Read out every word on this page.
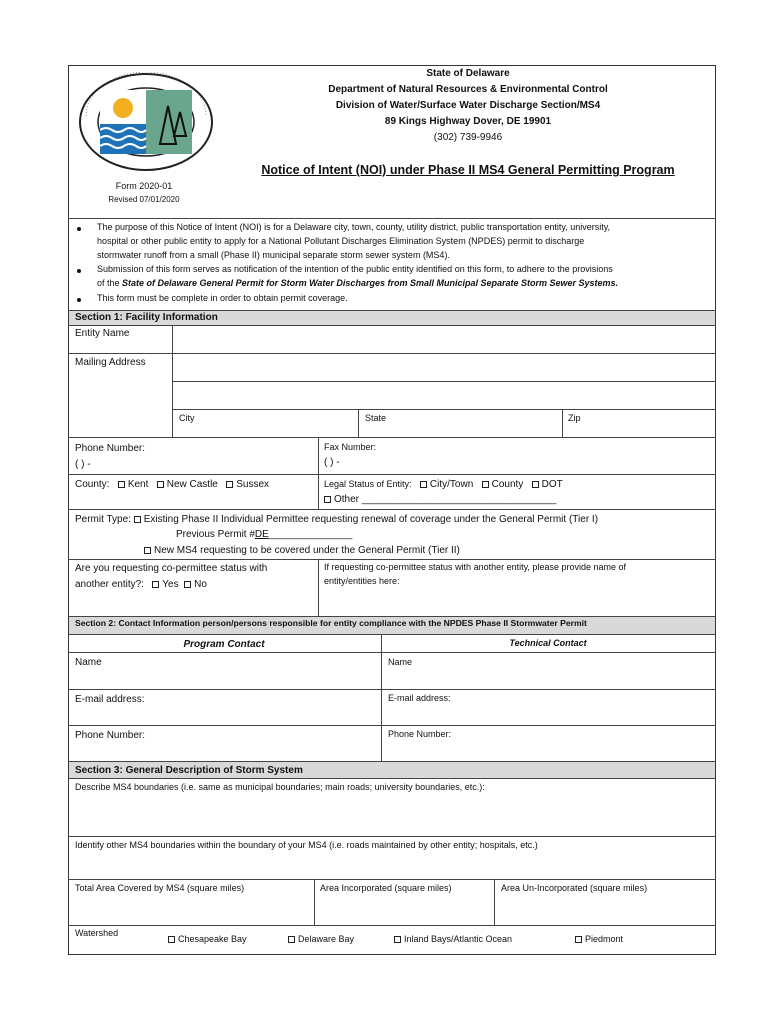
State of Delaware
Department of Natural Resources & Environmental Control
Division of Water/Surface Water Discharge Section/MS4
89 Kings Highway Dover, DE 19901
(302) 739-9946
Notice of Intent (NOI) under Phase II MS4 General Permitting Program
Form 2020-01
Revised 07/01/2020
The purpose of this Notice of Intent (NOI) is for a Delaware city, town, county, utility district, public transportation entity, university,
hospital or other public entity to apply for a National Pollutant Discharges Elimination System (NPDES) permit to discharge
stormwater runoff from a small (Phase II) municipal separate storm sewer system (MS4).
Submission of this form serves as notification of the intention of the public entity identified on this form, to adhere to the provisions
of the State of Delaware General Permit for Storm Water Discharges from Small Municipal Separate Storm Sewer Systems.
This form must be complete in order to obtain permit coverage.
Section 1: Facility Information
Entity Name
Mailing Address
City	State	Zip
Phone Number:
( ) -
Fax Number:
( ) -
County: Kent New Castle Sussex	Legal Status of Entity: City/Town County DOT
Other ___________________________________
Permit Type: Existing Phase II Individual Permittee requesting renewal of coverage under the General Permit (Tier I)
Previous Permit #DE_______________
New MS4 requesting to be covered under the General Permit (Tier II)
Are you requesting co-permittee status with
another entity?: Yes No
If requesting co-permittee status with another entity, please provide name of
entity/entities here:
Section 2: Contact Information person/persons responsible for entity compliance with the NPDES Phase II Stormwater Permit
Program Contact	Technical Contact
Name	Name
E-mail address:	E-mail address:
Phone Number:	Phone Number:
Section 3: General Description of Storm System
Describe MS4 boundaries (i.e. same as municipal boundaries; main roads; university boundaries, etc.):
Identify other MS4 boundaries within the boundary of your MS4 (i.e. roads maintained by other entity; hospitals, etc.)
Total Area Covered by MS4 (square miles)	Area Incorporated (square miles)	Area Un-Incorporated (square miles)
Watershed
Chesapeake Bay	Delaware Bay	Inland Bays/Atlantic Ocean	Piedmont
